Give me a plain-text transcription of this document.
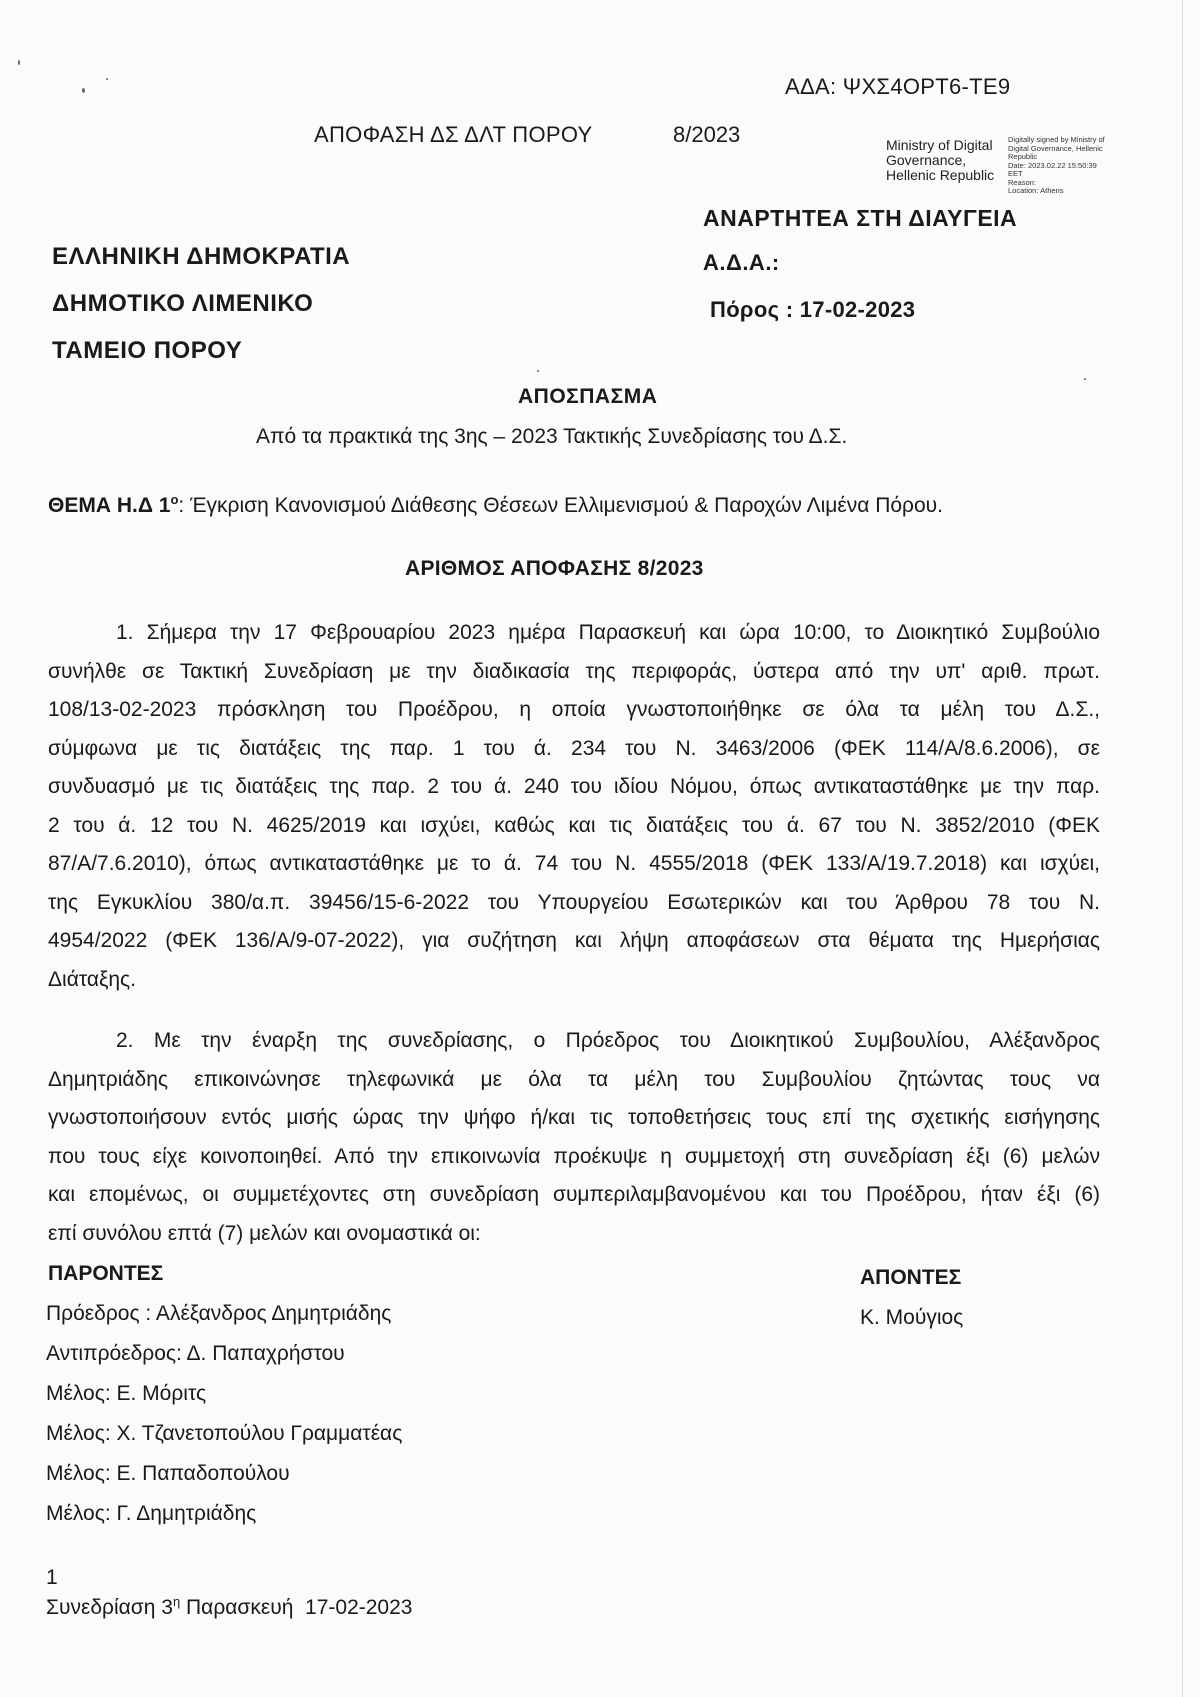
ΑΔΑ: ΨΧΣ4ΟΡΤ6-ΤΕ9
ΑΠΟΦΑΣΗ ΔΣ ΔΛΤ ΠΟΡΟΥ	8/2023	Ministry of Digital
Governance,
Hellenic Republic
Digitally signed by Ministry of
Digital Governance, Hellenic
Republic
Date: 2023.02.22 15:50:39
EET
Reason:
Location: Athens
ΑΝΑΡΤΗΤΕΑ ΣΤΗ ΔΙΑΥΓΕΙΑ
Α.Δ.Α.:
Πόρος : 17-02-2023
ΕΛΛΗΝΙΚΗ ΔΗΜΟΚΡΑΤΙΑ
ΔΗΜΟΤΙΚΟ ΛΙΜΕΝΙΚΟ
ΤΑΜΕΙΟ ΠΟΡΟΥ
ΑΠΟΣΠΑΣΜΑ
Από τα πρακτικά της 3ης – 2023 Τακτικής Συνεδρίασης του Δ.Σ.
ΘΕΜΑ Η.Δ $1^o$: Έγκριση Κανονισμού Διάθεσης Θέσεων Ελλιμενισμού & Παροχών Λιμένα Πόρου.
ΑΡΙΘΜΟΣ ΑΠΟΦΑΣΗΣ 8/2023
1. Σήμερα την 17 Φεβρουαρίου 2023 ημέρα Παρασκευή και ώρα 10:00, το Διοικητικό Συμβούλιο
συνήλθε σε Τακτική Συνεδρίαση με την διαδικασία της περιφοράς, ύστερα από την υπ' αριθ. πρωτ.
108/13-02-2023 πρόσκληση του Προέδρου, η οποία γνωστοποιήθηκε σε όλα τα μέλη του Δ.Σ.,
σύμφωνα με τις διατάξεις της παρ. 1 του ά. 234 του Ν. 3463/2006 (ΦΕΚ 114/Α/8.6.2006), σε
συνδυασμό με τις διατάξεις της παρ. 2 του ά. 240 του ιδίου Νόμου, όπως αντικαταστάθηκε με την παρ.
2 του ά. 12 του Ν. 4625/2019 και ισχύει, καθώς και τις διατάξεις του ά. 67 του Ν. 3852/2010 (ΦΕΚ
87/Α/7.6.2010), όπως αντικαταστάθηκε με το ά. 74 του Ν. 4555/2018 (ΦΕΚ 133/Α/19.7.2018) και ισχύει,
της Εγκυκλίου 380/α.π. 39456/15-6-2022 του Υπουργείου Εσωτερικών και του Άρθρου 78 του Ν.
4954/2022 (ΦΕΚ 136/Α/9-07-2022), για συζήτηση και λήψη αποφάσεων στα θέματα της Ημερήσιας
Διάταξης.
2. Με την έναρξη της συνεδρίασης, ο Πρόεδρος του Διοικητικού Συμβουλίου, Αλέξανδρος
Δημητριάδης επικοινώνησε τηλεφωνικά με όλα τα μέλη του Συμβουλίου ζητώντας τους να
γνωστοποιήσουν εντός μισής ώρας την ψήφο ή/και τις τοποθετήσεις τους επί της σχετικής εισήγησης
που τους είχε κοινοποιηθεί. Από την επικοινωνία προέκυψε η συμμετοχή στη συνεδρίαση έξι (6) μελών
και επομένως, οι συμμετέχοντες στη συνεδρίαση συμπεριλαμβανομένου και του Προέδρου, ήταν έξι (6)
επί συνόλου επτά (7) μελών και ονομαστικά οι:
ΠΑΡΟΝΤΕΣ	ΑΠΟΝΤΕΣ
Κ. Μούγιος
Πρόεδρος : Αλέξανδρος Δημητριάδης
Αντιπρόεδρος: Δ. Παπαχρήστου
Μέλος: Ε. Μόριτς
Μέλος: Χ. Τζανετοπούλου Γραμματέας
Μέλος: Ε. Παπαδοπούλου
Μέλος: Γ. Δημητριάδης
1
Συνεδρίαση $3^\eta$ Παρασκευή  17-02-2023
